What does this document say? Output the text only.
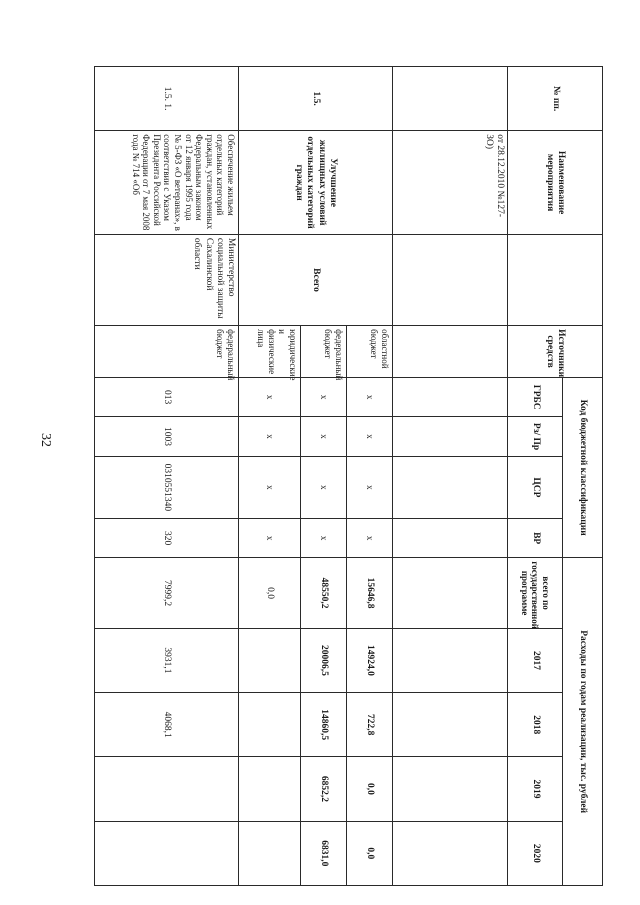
32
№ пп.	Наименование мероприятия		Источники средств	Код бюджетной классификации				Расходы по годам реализации, тыс. рублей				
				ГРБС	Рз/ Пр	ЦСР	ВР	всего по государственной программе	2017	2018	2019	2020
	от 28.12.2010 №127-ЗО)											
1.5.	Улучшение жилищных условий отдельных категорий граждан	Всего	областной бюджет	x	x	x	x	15646,8	14924,0	722,8	0,0	0,0
			федеральный бюджет	x	x	x	x	48550,2	20006,5	14860,5	6852,2	6831,0
			юридические и физические лица	x	x	x	x	0,0				
1.5. 1.	Обеспечение жильем отдельных категорий граждан, установленных Федеральным законом от 12 января 1995 года № 5-ФЗ «О ветеранах», в соответствии с Указом Президента Российской Федерации от 7 мая 2008 года № 714 «Об	Министерство социальной защиты Сахалинской области	федеральный бюджет	013	1003	0310551340	320	7999,2	3931,1	4068,1		
